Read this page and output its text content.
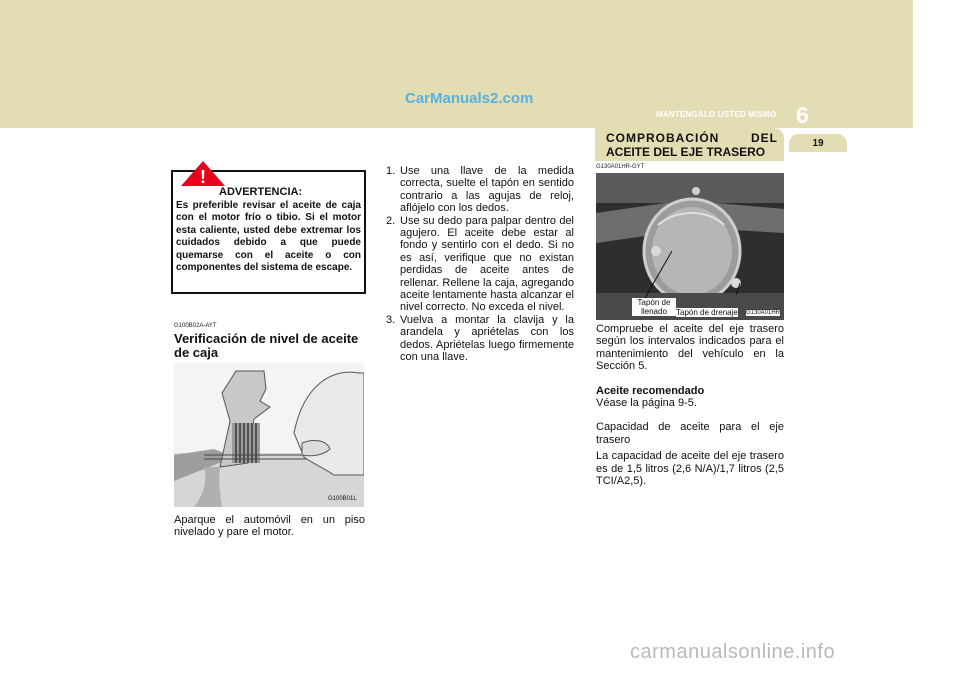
CarManuals2.com
MANTENGALO USTED MISMO 6
COMPROBACIÓN	DEL
ACEITE DEL EJE TRASERO
19
!
ADVERTENCIA:

Es preferible revisar el aceite de caja con el motor frío o tibio. Si el motor esta caliente, usted debe extremar los cuidados debido a que puede quemarse con el aceite o con componentes del sistema de escape.

G100B02A-AYT
Verificación de nivel de aceite de caja
G100B01L

Aparque el automóvil en un piso nivelado y pare el motor.

1. Use una llave de la medida correcta, suelte el tapón en sentido contrario a las agujas de reloj, aflójelo con los dedos.
2. Use su dedo para palpar dentro del agujero. El aceite debe estar al fondo y sentirlo con el dedo. Si no es así, verifique que no existan perdidas de aceite antes de rellenar. Rellene la caja, agregando aceite lentamente hasta alcanzar el nivel correcto. No exceda el nivel.
3. Vuelva a montar la clavija y la arandela y apriételas con los dedos. Apriételas luego firmemente con una llave.
G130A01HR-GYT
Tapón de
llenado	Tapón de drenaje G130A01HR

Compruebe el aceite del eje trasero según los intervalos indicados para el mantenimiento del vehículo en la Sección 5.

Aceite recomendado

Véase la página 9-5.

Capacidad de aceite para el eje trasero

La capacidad de aceite del eje trasero es de 1,5 litros (2,6 N/A)/1,7 litros (2,5 TCI/A2,5).

carmanualsonline.info
